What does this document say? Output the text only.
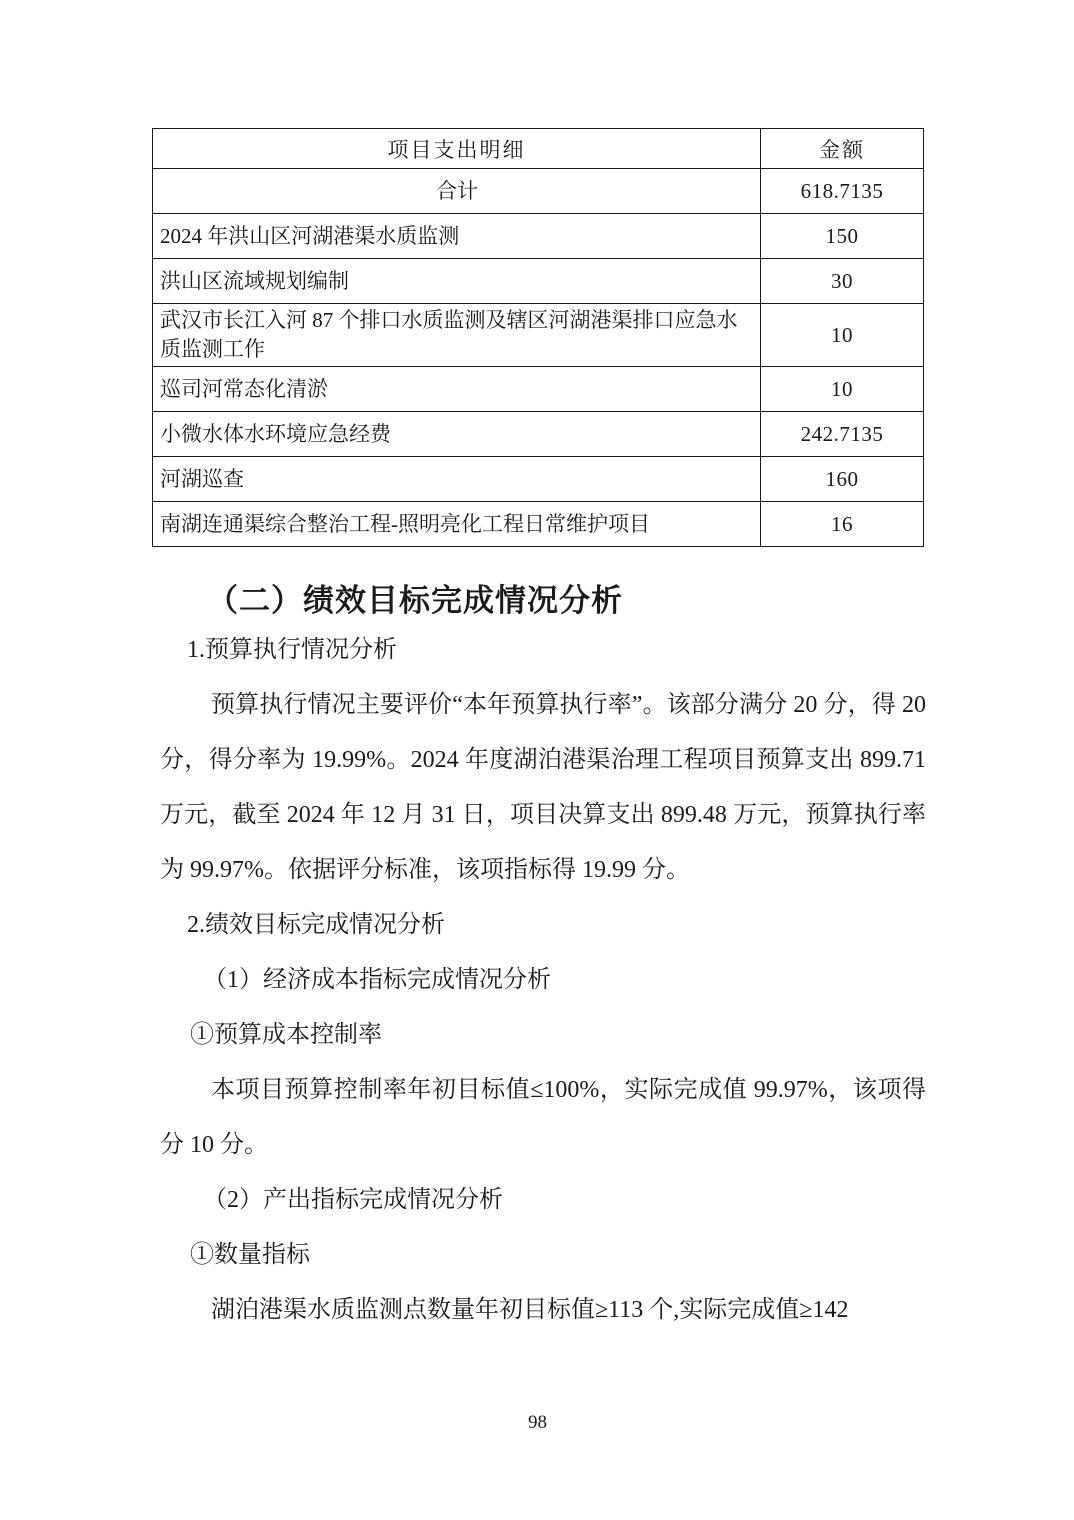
项目支出明细	金额
合计	618.7135
2024 年洪山区河湖港渠水质监测	150
洪山区流域规划编制	30
武汉市长江入河 87 个排口水质监测及辖区河湖港渠排口应急水质监测工作	10
巡司河常态化清淤	10
小微水体水环境应急经费	242.7135
河湖巡查	160
南湖连通渠综合整治工程-照明亮化工程日常维护项目	16
（二）绩效目标完成情况分析

1.预算执行情况分析

预算执行情况主要评价“本年预算执行率”。该部分满分 20 分，得 20 分，得分率为 19.99%。2024 年度湖泊港渠治理工程项目预算支出 899.71 万元，截至 2024 年 12 月 31 日，项目决算支出 899.48 万元，预算执行率为 99.97%。依据评分标准，该项指标得 19.99 分。

2.绩效目标完成情况分析

（1）经济成本指标完成情况分析

①预算成本控制率

本项目预算控制率年初目标值≤100%，实际完成值 99.97%，该项得分 10 分。

（2）产出指标完成情况分析

①数量指标

湖泊港渠水质监测点数量年初目标值≥113 个,实际完成值≥142

98
